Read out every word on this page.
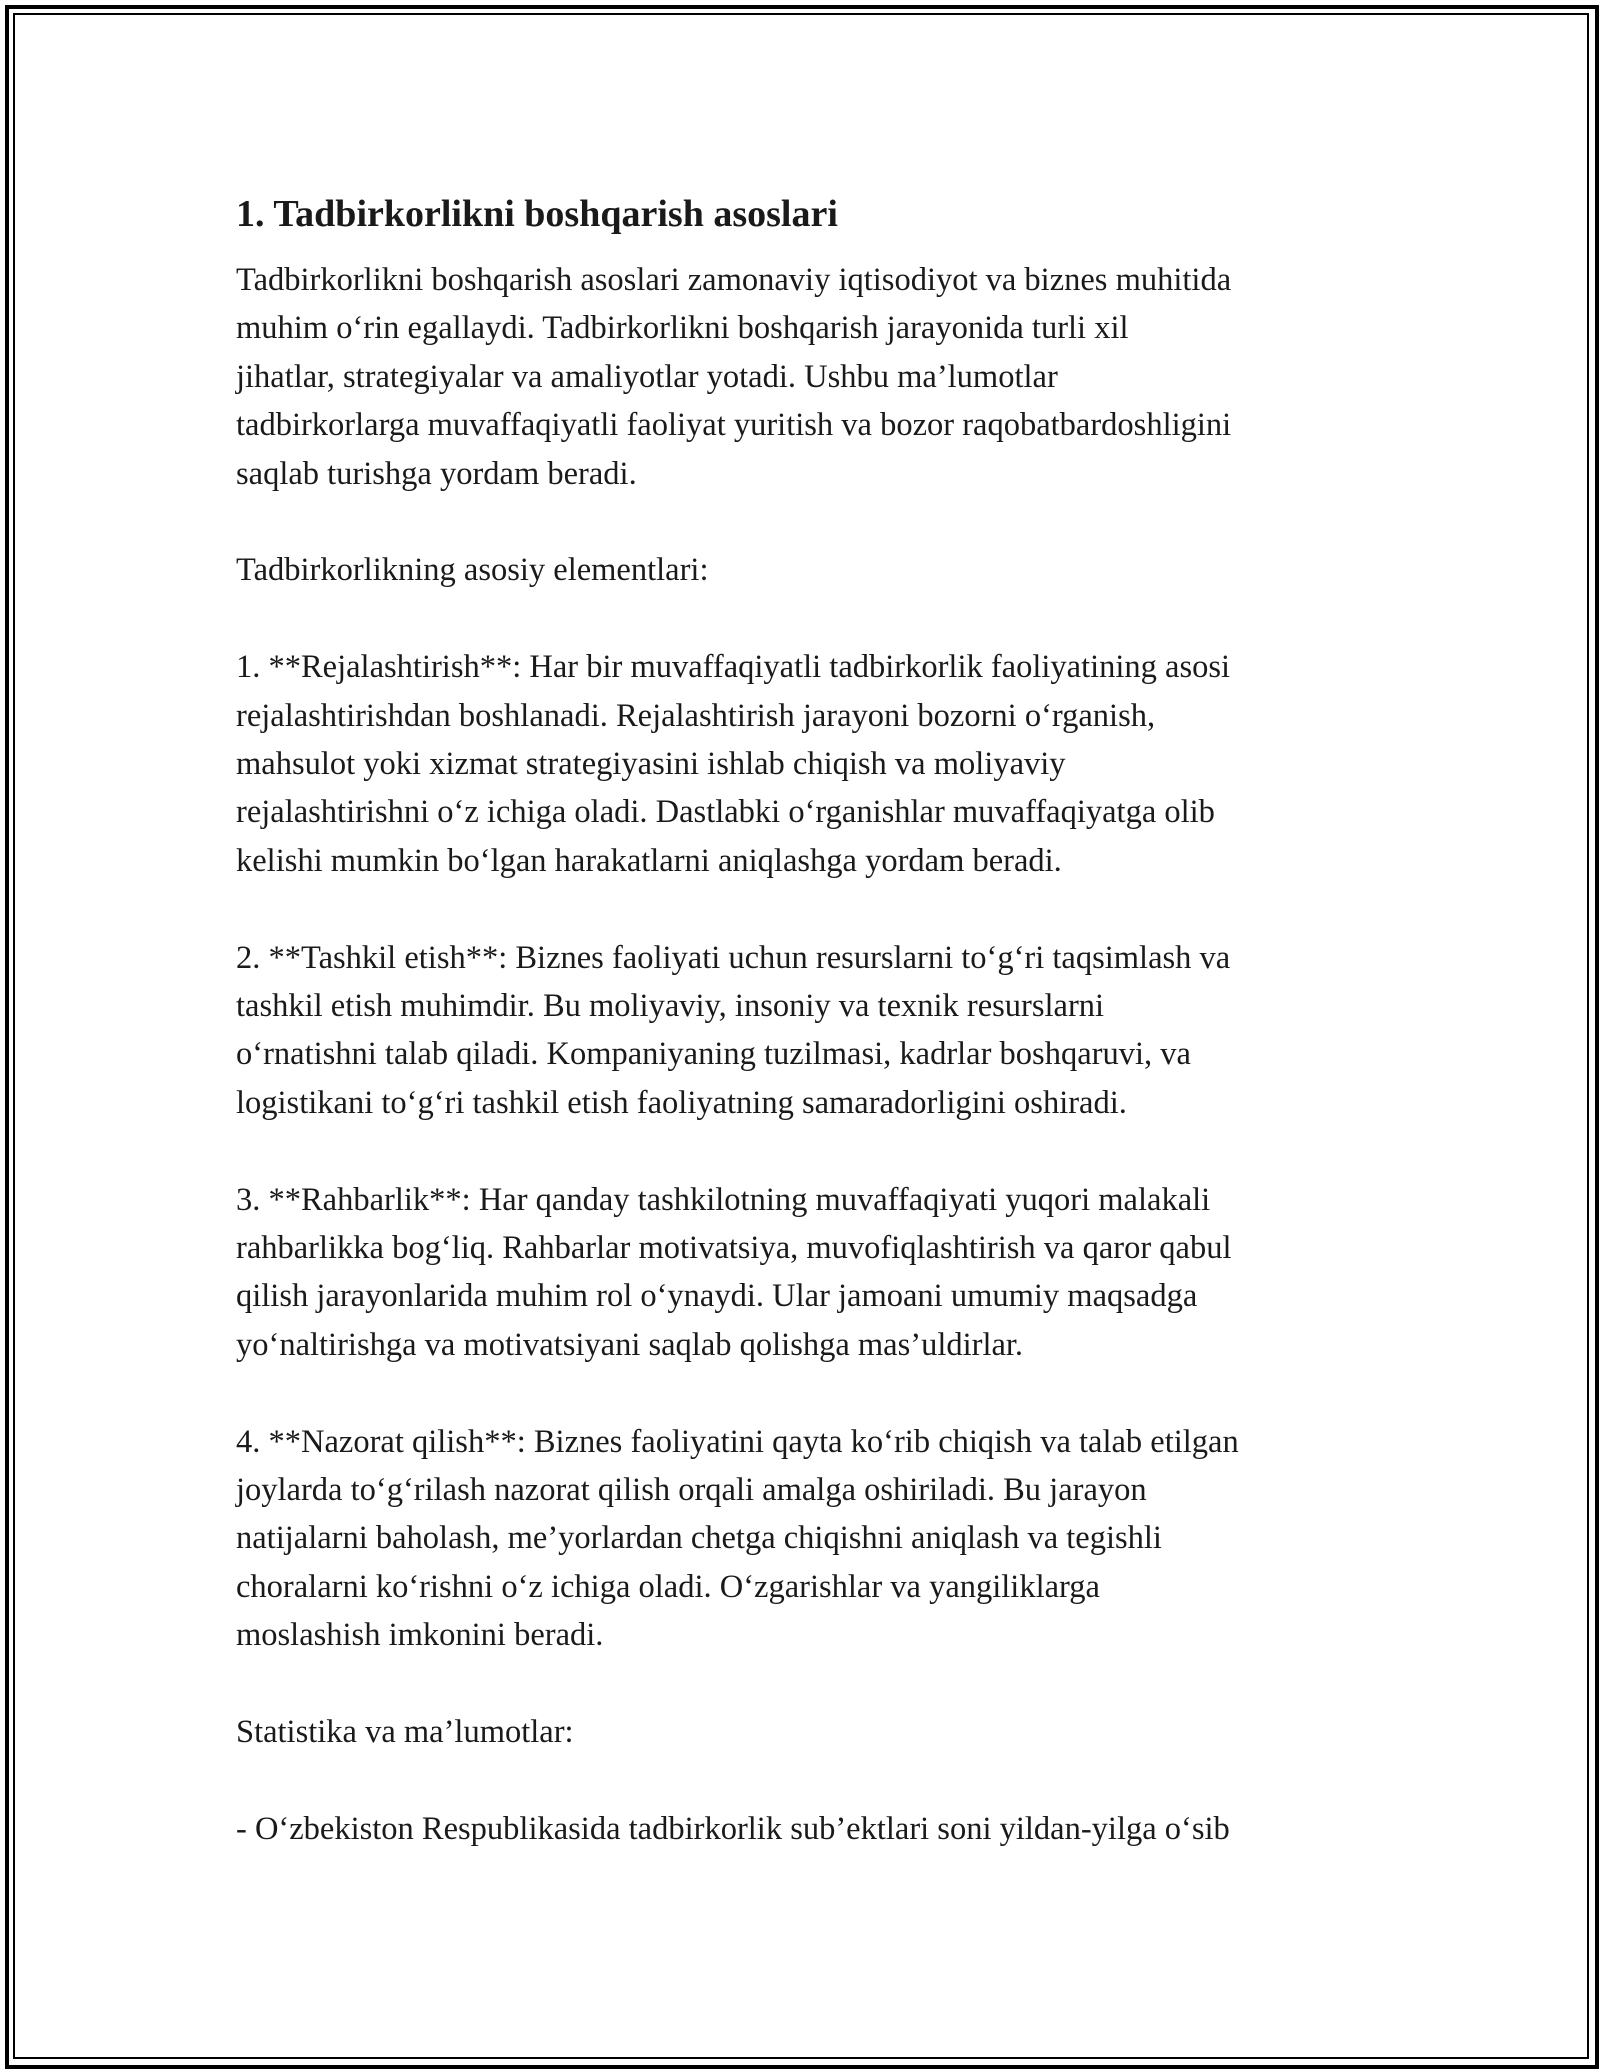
1. Tadbirkorlikni boshqarish asoslari
Tadbirkorlikni boshqarish asoslari zamonaviy iqtisodiyot va biznes muhitida
muhim o‘rin egallaydi. Tadbirkorlikni boshqarish jarayonida turli xil
jihatlar, strategiyalar va amaliyotlar yotadi. Ushbu ma’lumotlar
tadbirkorlarga muvaffaqiyatli faoliyat yuritish va bozor raqobatbardoshligini
saqlab turishga yordam beradi.
Tadbirkorlikning asosiy elementlari:
1. **Rejalashtirish**: Har bir muvaffaqiyatli tadbirkorlik faoliyatining asosi
rejalashtirishdan boshlanadi. Rejalashtirish jarayoni bozorni o‘rganish,
mahsulot yoki xizmat strategiyasini ishlab chiqish va moliyaviy
rejalashtirishni o‘z ichiga oladi. Dastlabki o‘rganishlar muvaffaqiyatga olib
kelishi mumkin bo‘lgan harakatlarni aniqlashga yordam beradi.
2. **Tashkil etish**: Biznes faoliyati uchun resurslarni to‘g‘ri taqsimlash va
tashkil etish muhimdir. Bu moliyaviy, insoniy va texnik resurslarni
o‘rnatishni talab qiladi. Kompaniyaning tuzilmasi, kadrlar boshqaruvi, va
logistikani to‘g‘ri tashkil etish faoliyatning samaradorligini oshiradi.
3. **Rahbarlik**: Har qanday tashkilotning muvaffaqiyati yuqori malakali
rahbarlikka bog‘liq. Rahbarlar motivatsiya, muvofiqlashtirish va qaror qabul
qilish jarayonlarida muhim rol o‘ynaydi. Ular jamoani umumiy maqsadga
yo‘naltirishga va motivatsiyani saqlab qolishga mas’uldirlar.
4. **Nazorat qilish**: Biznes faoliyatini qayta ko‘rib chiqish va talab etilgan
joylarda to‘g‘rilash nazorat qilish orqali amalga oshiriladi. Bu jarayon
natijalarni baholash, me’yorlardan chetga chiqishni aniqlash va tegishli
choralarni ko‘rishni o‘z ichiga oladi. O‘zgarishlar va yangiliklarga
moslashish imkonini beradi.
Statistika va ma’lumotlar:
- O‘zbekiston Respublikasida tadbirkorlik sub’ektlari soni yildan-yilga o‘sib
